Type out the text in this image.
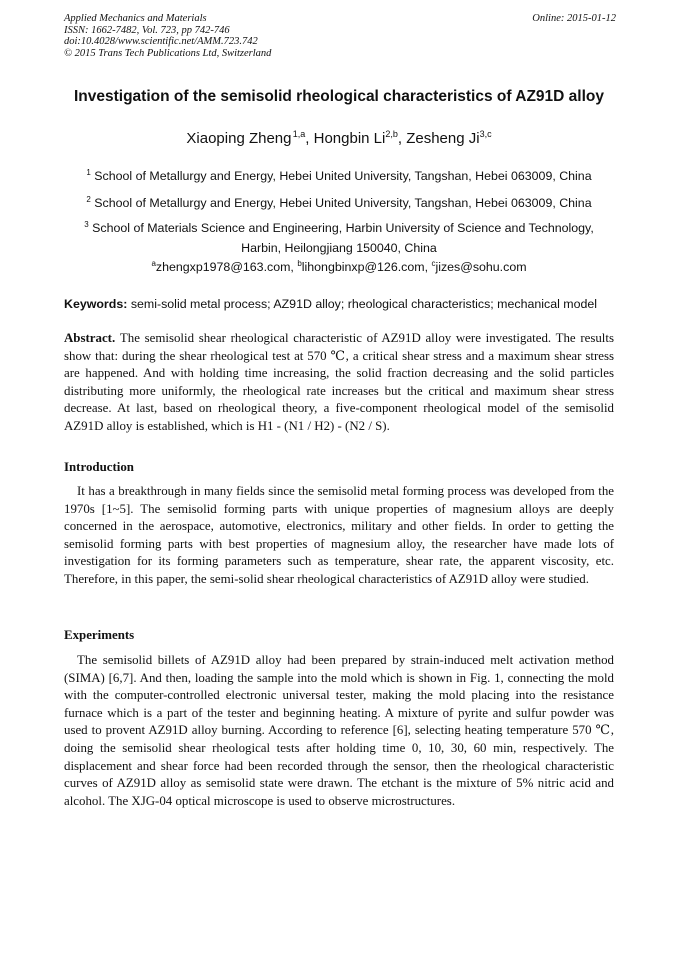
Applied Mechanics and Materials
ISSN: 1662-7482, Vol. 723, pp 742-746
doi:10.4028/www.scientific.net/AMM.723.742
© 2015 Trans Tech Publications Ltd, Switzerland
Online: 2015-01-12
Investigation of the semisolid rheological characteristics of AZ91D alloy
Xiaoping Zheng $^{1,a}$, Hongbin Li$^{2,b}$, Zesheng Ji$^{3,c}$
$^1$ School of Metallurgy and Energy, Hebei United University, Tangshan, Hebei 063009, China
$^2$ School of Metallurgy and Energy, Hebei United University, Tangshan, Hebei 063009, China
$^3$ School of Materials Science and Engineering, Harbin University of Science and Technology, Harbin, Heilongjiang 150040, China
$^a$zhengxp1978@163.com, $^b$lihongbinxp@126.com, $^c$jizes@sohu.com
Keywords: semi-solid metal process; AZ91D alloy; rheological characteristics; mechanical model

Abstract. The semisolid shear rheological characteristic of AZ91D alloy were investigated. The results show that: during the shear rheological test at 570 ℃, a critical shear stress and a maximum shear stress are happened. And with holding time increasing, the solid fraction decreasing and the solid particles distributing more uniformly, the rheological rate increases but the critical and maximum shear stress decrease. At last, based on rheological theory, a five-component rheological model of the semisolid AZ91D alloy is established, which is H1 - (N1 / H2) - (N2 / S).

Introduction

It has a breakthrough in many fields since the semisolid metal forming process was developed from the 1970s [1~5]. The semisolid forming parts with unique properties of magnesium alloys are deeply concerned in the aerospace, automotive, electronics, military and other fields. In order to getting the semisolid forming parts with best properties of magnesium alloy, the researcher have made lots of investigation for its forming parameters such as temperature, shear rate, the apparent viscosity, etc. Therefore, in this paper, the semi-solid shear rheological characteristics of AZ91D alloy were studied.

Experiments

The semisolid billets of AZ91D alloy had been prepared by strain-induced melt activation method (SIMA) [6,7]. And then, loading the sample into the mold which is shown in Fig. 1, connecting the mold with the computer-controlled electronic universal tester, making the mold placing into the resistance furnace which is a part of the tester and beginning heating. A mixture of pyrite and sulfur powder was used to provent AZ91D alloy burning. According to reference [6], selecting heating temperature 570 ℃, doing the semisolid shear rheological tests after holding time 0, 10, 30, 60 min, respectively. The displacement and shear force had been recorded through the sensor, then the rheological characteristic curves of AZ91D alloy as semisolid state were drawn. The etchant is the mixture of 5% nitric acid and alcohol. The XJG-04 optical microscope is used to observe microstructures.
